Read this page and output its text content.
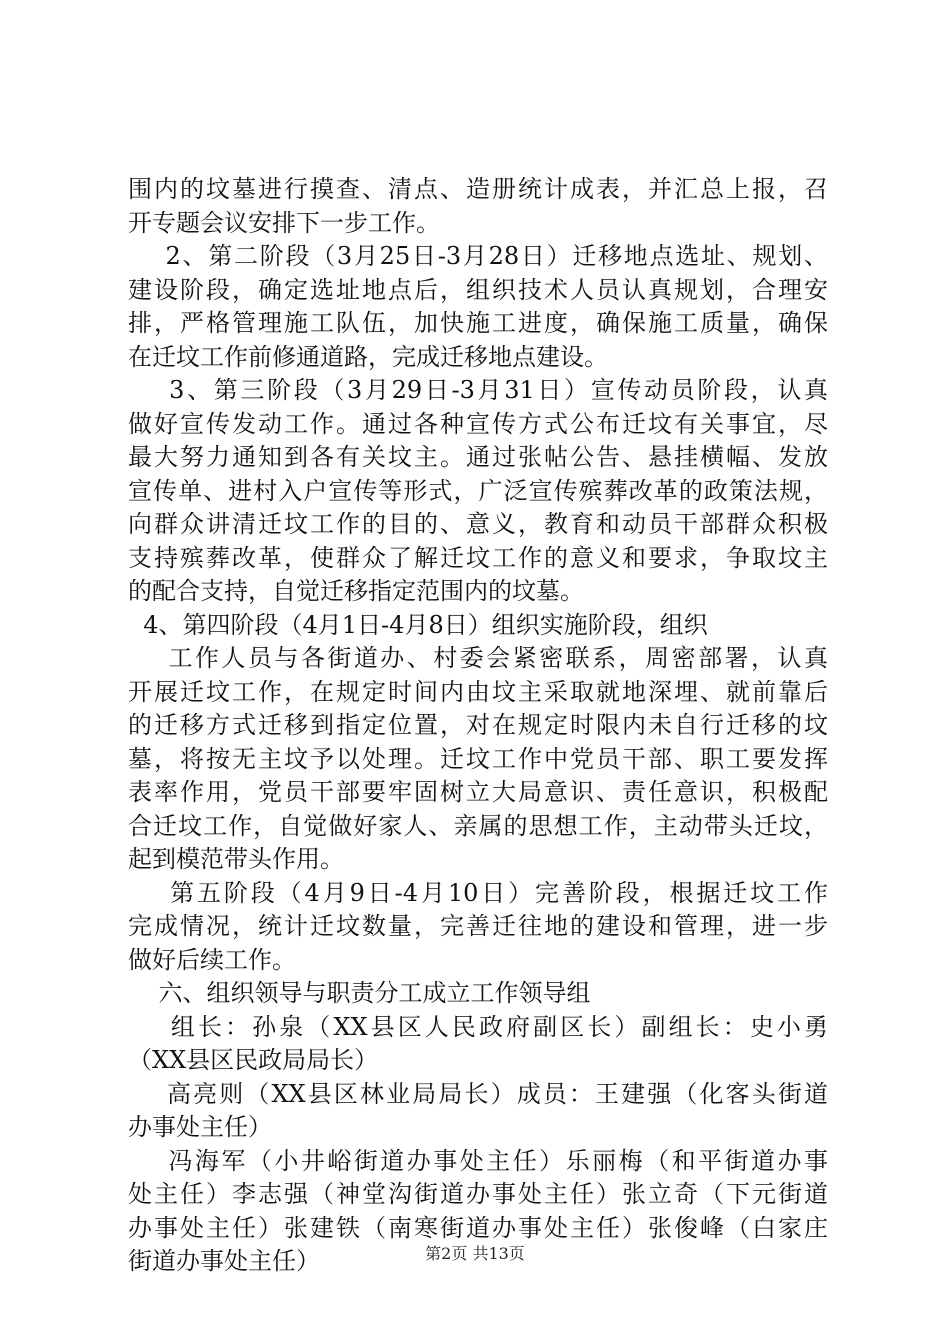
围内的坟墓进行摸查、清点、造册统计成表，并汇总上报，召
开专题会议安排下一步工作。
2、第二阶段（3月25日-3月28日）迁移地点选址、规划、
建设阶段，确定选址地点后，组织技术人员认真规划，合理安
排，严格管理施工队伍，加快施工进度，确保施工质量，确保
在迁坟工作前修通道路，完成迁移地点建设。
3、第三阶段（3月29日-3月31日）宣传动员阶段，认真
做好宣传发动工作。通过各种宣传方式公布迁坟有关事宜，尽
最大努力通知到各有关坟主。通过张帖公告、悬挂横幅、发放
宣传单、进村入户宣传等形式，广泛宣传殡葬改革的政策法规，
向群众讲清迁坟工作的目的、意义，教育和动员干部群众积极
支持殡葬改革，使群众了解迁坟工作的意义和要求，争取坟主
的配合支持，自觉迁移指定范围内的坟墓。
4、第四阶段（4月1日-4月8日）组织实施阶段，组织
工作人员与各街道办、村委会紧密联系，周密部署，认真
开展迁坟工作，在规定时间内由坟主采取就地深埋、就前靠后
的迁移方式迁移到指定位置，对在规定时限内未自行迁移的坟
墓，将按无主坟予以处理。迁坟工作中党员干部、职工要发挥
表率作用，党员干部要牢固树立大局意识、责任意识，积极配
合迁坟工作，自觉做好家人、亲属的思想工作，主动带头迁坟，
起到模范带头作用。
第五阶段（4月9日-4月10日）完善阶段，根据迁坟工作
完成情况，统计迁坟数量，完善迁往地的建设和管理，进一步
做好后续工作。
六、组织领导与职责分工成立工作领导组
组长：孙泉（XX县区人民政府副区长）副组长：史小勇
（XX县区民政局局长）
高亮则（XX县区林业局局长）成员：王建强（化客头街道
办事处主任）
冯海军（小井峪街道办事处主任）乐丽梅（和平街道办事
处主任）李志强（神堂沟街道办事处主任）张立奇（下元街道
办事处主任）张建铁（南寒街道办事处主任）张俊峰（白家庄
街道办事处主任）	第2页 共13页
